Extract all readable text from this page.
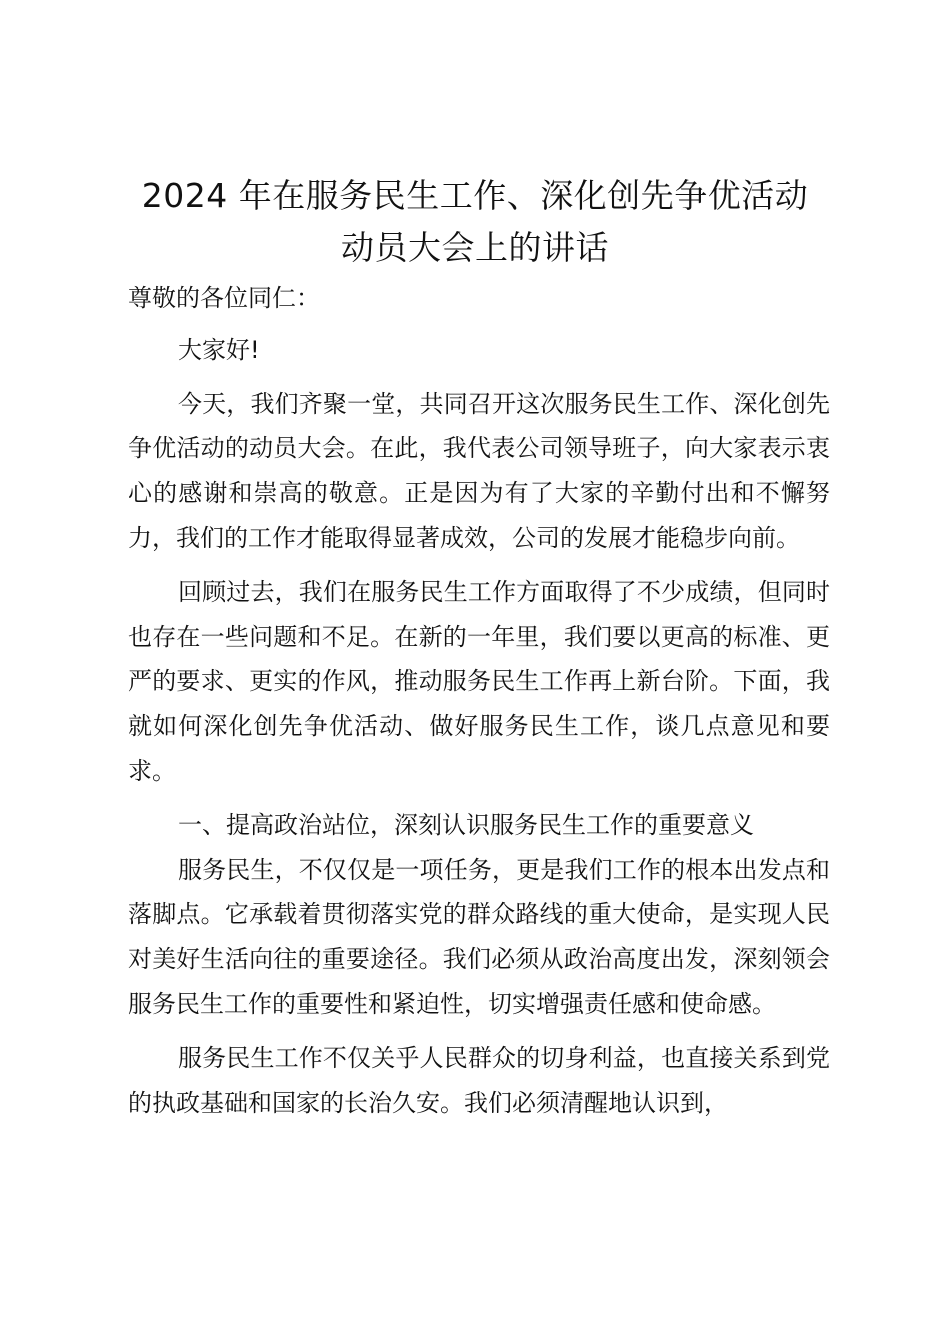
2024 年在服务民生工作、深化创先争优活动
动员大会上的讲话

尊敬的各位同仁：

大家好!

今天，我们齐聚一堂，共同召开这次服务民生工作、深化创先争优活动的动员大会。在此，我代表公司领导班子，向大家表示衷心的感谢和崇高的敬意。正是因为有了大家的辛勤付出和不懈努力，我们的工作才能取得显著成效，公司的发展才能稳步向前。

回顾过去，我们在服务民生工作方面取得了不少成绩，但同时也存在一些问题和不足。在新的一年里，我们要以更高的标准、更严的要求、更实的作风，推动服务民生工作再上新台阶。下面，我就如何深化创先争优活动、做好服务民生工作，谈几点意见和要求。

一、提高政治站位，深刻认识服务民生工作的重要意义

服务民生，不仅仅是一项任务，更是我们工作的根本出发点和落脚点。它承载着贯彻落实党的群众路线的重大使命，是实现人民对美好生活向往的重要途径。我们必须从政治高度出发，深刻领会服务民生工作的重要性和紧迫性，切实增强责任感和使命感。

服务民生工作不仅关乎人民群众的切身利益，也直接关系到党的执政基础和国家的长治久安。我们必须清醒地认识到，
